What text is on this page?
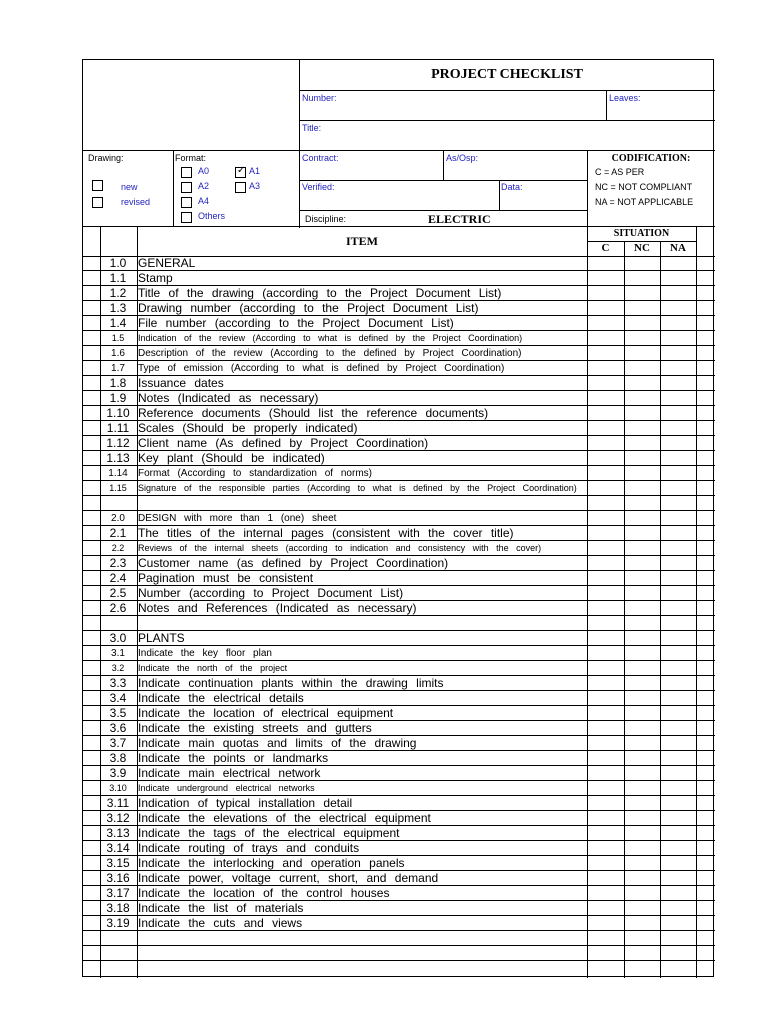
PROJECT CHECKLIST
Number:	Leaves:
Title:
Drawing:
new
revised
Format:
A0	✓ A1
A2	A3
A4
Others
Contract:	As/Osp:
Verified:	Data:
Discipline:	ELECTRIC
CODIFICATION:
C = AS PER
NC = NOT COMPLIANT
NA = NOT APPLICABLE
ITEM
SITUATION
C	NC	NA
1.0 GENERAL
1.1 Stamp
1.2 Title of the drawing (according to the Project Document List)
1.3 Drawing number (according to the Project Document List)
1.4 File number (according to the Project Document List)
1.5	Indication of the review (According to what is defined by the Project Coordination)
1.6	Description of the review (According to the defined by Project Coordination)
1.7	Type of emission (According to what is defined by Project Coordination)
1.8 Issuance dates
1.9 Notes (Indicated as necessary)
1.10 Reference documents (Should list the reference documents)
1.11 Scales (Should be properly indicated)
1.12 Client name (As defined by Project Coordination)
1.13 Key plant (Should be indicated)
1.14	Format (According to standardization of norms)
1.15	Signature of the responsible parties (According to what is defined by the Project Coordination)
2.0	DESIGN with more than 1 (one) sheet
2.1 The titles of the internal pages (consistent with the cover title)
2.2	Reviews of the internal sheets (according to indication and consistency with the cover)
2.3 Customer name (as defined by Project Coordination)
2.4 Pagination must be consistent
2.5 Number (according to Project Document List)
2.6 Notes and References (Indicated as necessary)
3.0 PLANTS
3.1	Indicate the key floor plan
3.2	Indicate the north of the project
3.3 Indicate continuation plants within the drawing limits
3.4 Indicate the electrical details
3.5 Indicate the location of electrical equipment
3.6 Indicate the existing streets and gutters
3.7 Indicate main quotas and limits of the drawing
3.8 Indicate the points or landmarks
3.9 Indicate main electrical network
3.10	Indicate underground electrical networks
3.11 Indication of typical installation detail
3.12 Indicate the elevations of the electrical equipment
3.13 Indicate the tags of the electrical equipment
3.14 Indicate routing of trays and conduits
3.15 Indicate the interlocking and operation panels
3.16 Indicate power, voltage current, short, and demand
3.17 Indicate the location of the control houses
3.18 Indicate the list of materials
3.19 Indicate the cuts and views
